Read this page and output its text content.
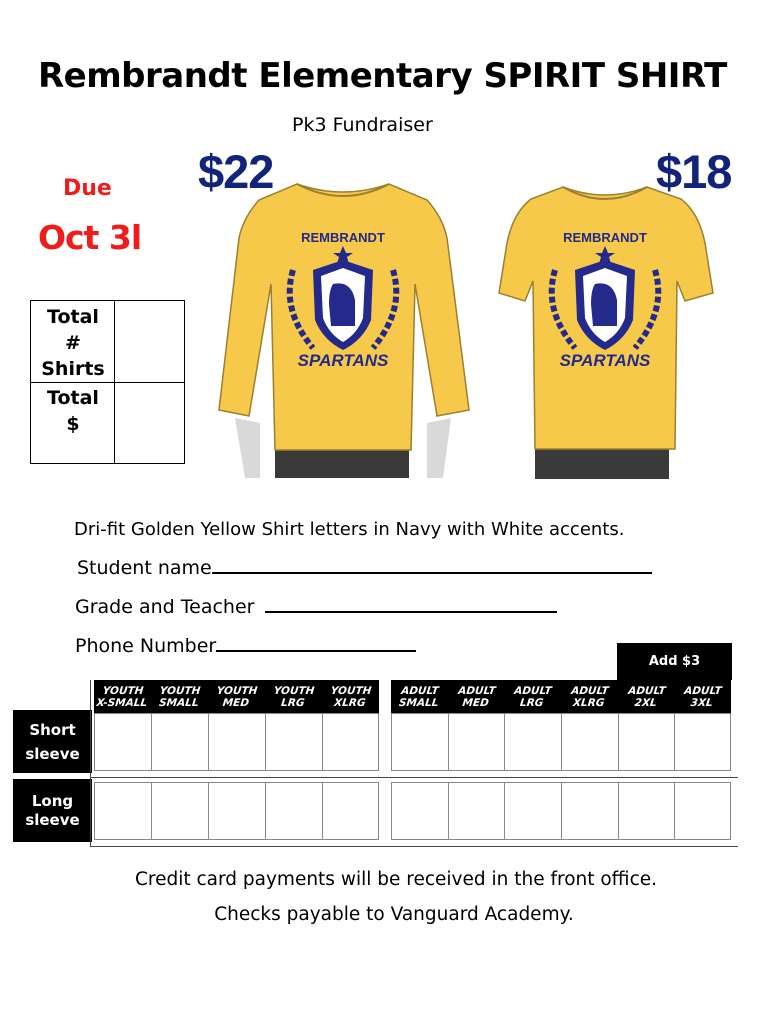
Rembrandt Elementary SPIRIT SHIRT
Pk3 Fundraiser
Due
Oct 3l
$22	$18
Total
#
Shirts
Total
$
REMBRANDT
SPARTANS
REMBRANDT
SPARTANS
Dri-fit Golden Yellow Shirt letters in Navy with White accents.
Student name
Grade and Teacher
Phone Number
Add $3
YOUTH
X-SMALL
YOUTH
SMALL
YOUTH
MED
YOUTH
LRG
YOUTH
XLRG
ADULT
SMALL
ADULT
MED
ADULT
LRG
ADULT
XLRG
ADULT
2XL
ADULT
3XL
Short
sleeve
Long
sleeve
Credit card payments will be received in the front office.
Checks payable to Vanguard Academy.
